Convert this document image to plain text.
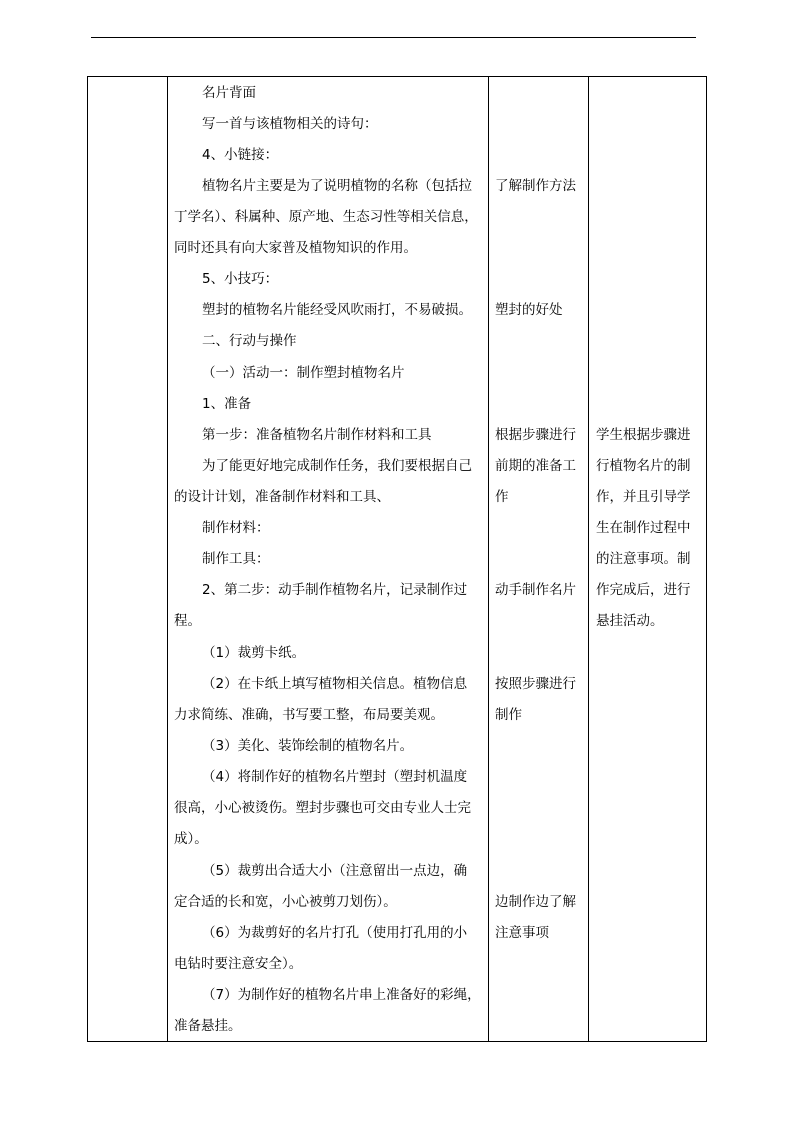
名片背面
写一首与该植物相关的诗句：
4、小链接：
植物名片主要是为了说明植物的名称（包括拉
丁学名）、科属种、原产地、生态习性等相关信息，
同时还具有向大家普及植物知识的作用。
5、小技巧：
塑封的植物名片能经受风吹雨打，不易破损。
二、行动与操作
（一）活动一：制作塑封植物名片
1、准备
第一步：准备植物名片制作材料和工具
为了能更好地完成制作任务，我们要根据自己
的设计计划，准备制作材料和工具、
制作材料：
制作工具：
2、第二步：动手制作植物名片，记录制作过
程。
（1）裁剪卡纸。
（2）在卡纸上填写植物相关信息。植物信息
力求简练、准确，书写要工整，布局要美观。
（3）美化、装饰绘制的植物名片。
（4）将制作好的植物名片塑封（塑封机温度
很高，小心被烫伤。塑封步骤也可交由专业人士完
成）。
（5）裁剪出合适大小（注意留出一点边，确
定合适的长和宽，小心被剪刀划伤）。
（6）为裁剪好的名片打孔（使用打孔用的小
电钻时要注意安全）。
（7）为制作好的植物名片串上准备好的彩绳，
准备悬挂。
了解制作方法
塑封的好处
根据步骤进行
前期的准备工
作
动手制作名片
按照步骤进行
制作
边制作边了解
注意事项
学生根据步骤进
行植物名片的制
作，并且引导学
生在制作过程中
的注意事项。制
作完成后，进行
悬挂活动。
